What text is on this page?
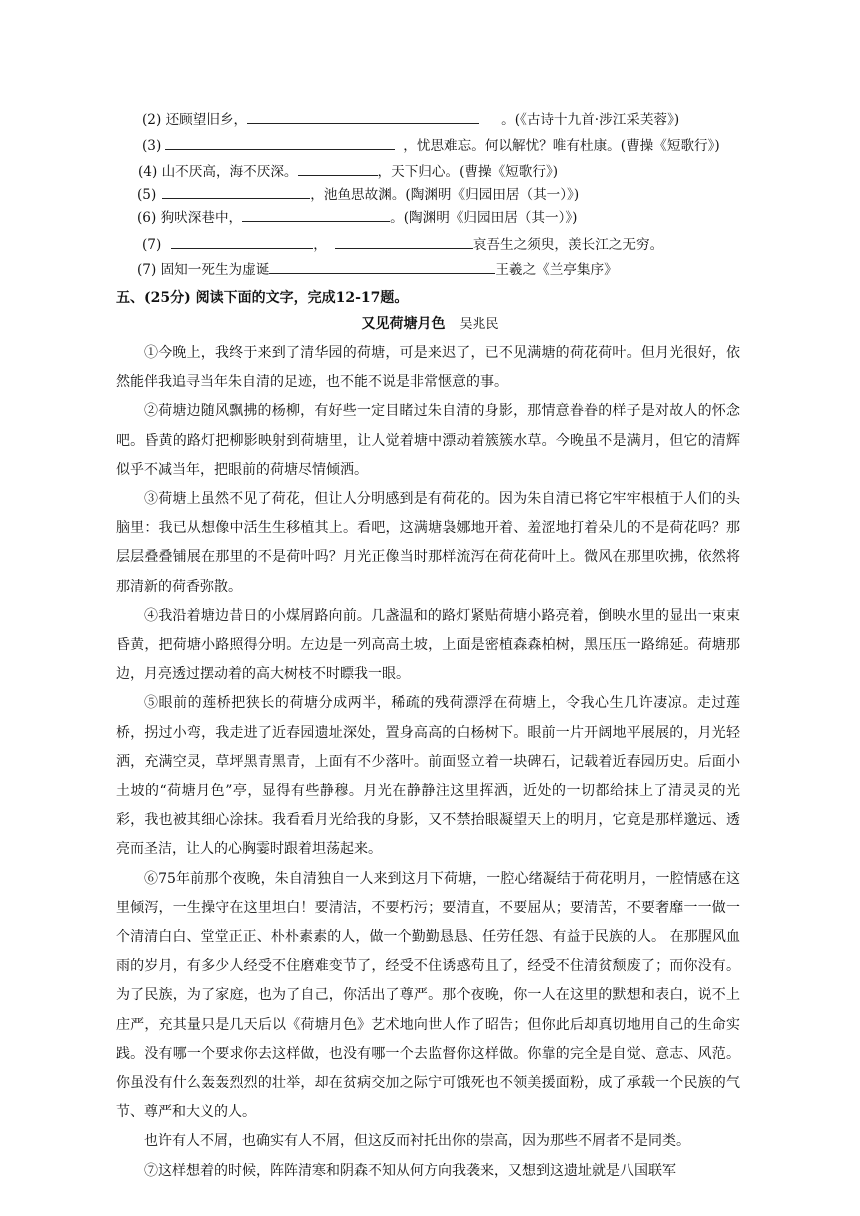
(2) 还顾望旧乡，	。(《古诗十九首·涉江采芙蓉》)
(3)	，忧思难忘。何以解忧？唯有杜康。(曹操《短歌行》)
(4) 山不厌高，海不厌深。	，天下归心。(曹操《短歌行》)
(5)	，池鱼思故渊。(陶渊明《归园田居（其一）》)
(6) 狗吠深巷中，	。(陶渊明《归园田居（其一）》)
(7)	，	哀吾生之须臾，羡长江之无穷。
(7) 固知一死生为虚诞	王羲之《兰亭集序》
五、(25分) 阅读下面的文字，完成12-17题。
又见荷塘月色 吴兆民

①今晚上，我终于来到了清华园的荷塘，可是来迟了，已不见满塘的荷花荷叶。但月光很好，依然能伴我追寻当年朱自清的足迹，也不能不说是非常惬意的事。

②荷塘边随风飘拂的杨柳，有好些一定目睹过朱自清的身影，那情意眷眷的样子是对故人的怀念吧。昏黄的路灯把柳影映射到荷塘里，让人觉着塘中漂动着簇簇水草。今晚虽不是满月，但它的清辉似乎不减当年，把眼前的荷塘尽情倾洒。

③荷塘上虽然不见了荷花，但让人分明感到是有荷花的。因为朱自清已将它牢牢根植于人们的头脑里：我已从想像中活生生移植其上。看吧，这满塘袅娜地开着、羞涩地打着朵儿的不是荷花吗？那层层叠叠铺展在那里的不是荷叶吗？月光正像当时那样流泻在荷花荷叶上。微风在那里吹拂，依然将那清新的荷香弥散。

④我沿着塘边昔日的小煤屑路向前。几盏温和的路灯紧贴荷塘小路亮着，倒映水里的显出一束束昏黄，把荷塘小路照得分明。左边是一列高高土坡，上面是密植森森柏树，黑压压一路绵延。荷塘那边，月亮透过摆动着的高大树枝不时瞟我一眼。

⑤眼前的莲桥把狭长的荷塘分成两半，稀疏的残荷漂浮在荷塘上，令我心生几许凄凉。走过莲桥，拐过小弯，我走进了近春园遗址深处，置身高高的白杨树下。眼前一片开阔地平展展的，月光轻洒，充满空灵，草坪黑青黑青，上面有不少落叶。前面竖立着一块碑石，记载着近春园历史。后面小土坡的“荷塘月色”亭，显得有些静穆。月光在静静注这里挥洒，近处的一切都给抹上了清灵灵的光彩，我也被其细心涂抹。我看看月光给我的身影，又不禁抬眼凝望天上的明月，它竟是那样邈远、透亮而圣洁，让人的心胸霎时跟着坦荡起来。

⑥75年前那个夜晚，朱自清独自一人来到这月下荷塘，一腔心绪凝结于荷花明月，一腔情感在这里倾泻，一生操守在这里坦白！要清洁，不要朽污；要清直，不要屈从；要清苦，不要奢靡一一做一个清清白白、堂堂正正、朴朴素素的人，做一个勤勤恳恳、任劳任怨、有益于民族的人。 在那腥风血雨的岁月，有多少人经受不住磨难变节了，经受不住诱惑苟且了，经受不住清贫颓废了；而你没有。为了民族，为了家庭，也为了自己，你活出了尊严。那个夜晚，你一人在这里的默想和表白，说不上庄严，充其量只是几天后以《荷塘月色》艺术地向世人作了昭告；但你此后却真切地用自己的生命实践。没有哪一个要求你去这样做，也没有哪一个去监督你这样做。你靠的完全是自觉、意志、风范。你虽没有什么轰轰烈烈的壮举，却在贫病交加之际宁可饿死也不领美援面粉，成了承载一个民族的气节、尊严和大义的人。

也许有人不屑，也确实有人不屑，但这反而衬托出你的崇高，因为那些不屑者不是同类。

⑦这样想着的时候，阵阵清寒和阴森不知从何方向我袭来，又想到这遗址就是八国联军
